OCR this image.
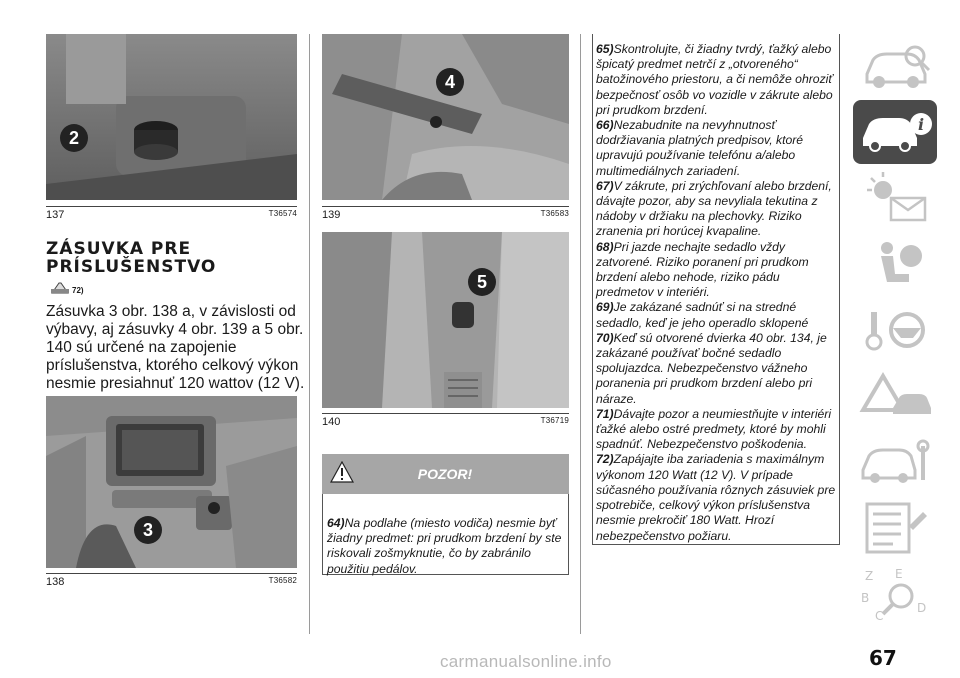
2
137	T36574
ZÁSUVKA PRE
PRÍSLUŠENSTVO
72)
Zásuvka 3 obr. 138 a, v závislosti od výbavy, aj zásuvky 4 obr. 139 a 5 obr. 140 sú určené na zapojenie príslušenstva, ktorého celkový výkon nesmie presiahnuť 120 wattov (12 V).
3
138	T36582
4
139	T36583
5
140	T36719
POZOR!
64)Na podlahe (miesto vodiča) nesmie byť žiadny predmet: pri prudkom brzdení by ste riskovali zošmyknutie, čo by zabránilo použitiu pedálov.
65)Skontrolujte, či žiadny tvrdý, ťažký alebo špicatý predmet netrčí z „otvoreného“ batožinového priestoru, a či nemôže ohroziť bezpečnosť osôb vo vozidle v zákrute alebo pri prudkom brzdení.
66)Nezabudnite na nevyhnutnosť dodržiavania platných predpisov, ktoré upravujú používanie telefónu a/alebo multimediálnych zariadení.
67)V zákrute, pri zrýchľovaní alebo brzdení, dávajte pozor, aby sa nevyliala tekutina z nádoby v držiaku na plechovky. Riziko zranenia pri horúcej kvapaline.
68)Pri jazde nechajte sedadlo vždy zatvorené. Riziko poranení pri prudkom brzdení alebo nehode, riziko pádu predmetov v interiéri.
69)Je zakázané sadnúť si na stredné sedadlo, keď je jeho operadlo sklopené
70)Keď sú otvorené dvierka 40 obr. 134, je zakázané používať bočné sedadlo spolujazdca. Nebezpečenstvo vážneho poranenia pri prudkom brzdení alebo pri náraze.
71)Dávajte pozor a neumiestňujte v interiéri ťažké alebo ostré predmety, ktoré by mohli spadnúť. Nebezpečenstvo poškodenia.
72)Zapájajte iba zariadenia s maximálnym výkonom 120 Watt (12 V). V prípade súčasného používania rôznych zásuviek pre spotrebiče, celkový výkon príslušenstva nesmie prekročiť 180 Watt. Hrozí nebezpečenstvo požiaru.
i
Z E
B
C
D
67
carmanualsonline.info
